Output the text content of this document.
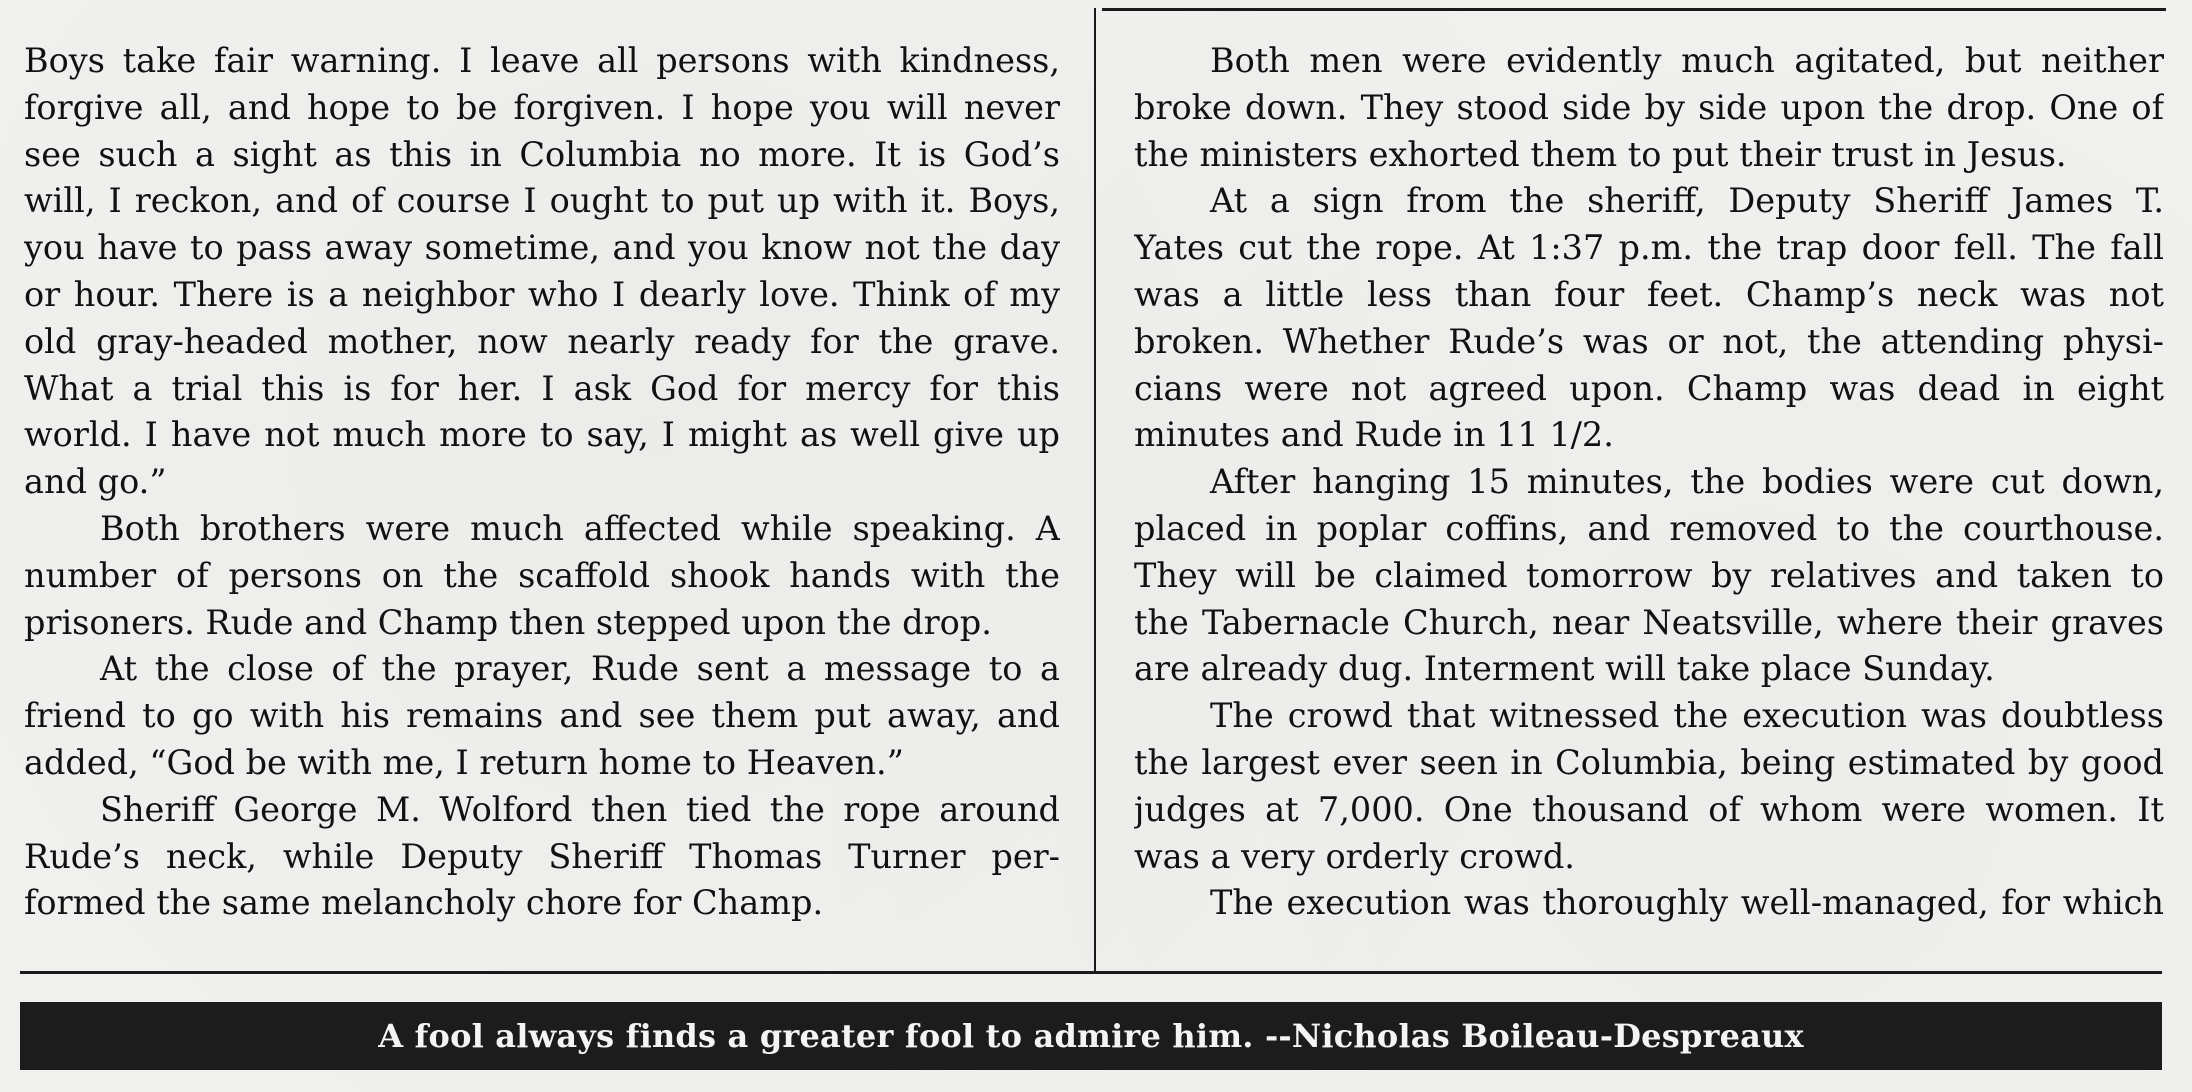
Boys take fair warning. I leave all persons with kindness,
forgive all, and hope to be forgiven. I hope you will never
see such a sight as this in Columbia no more. It is God’s
will, I reckon, and of course I ought to put up with it. Boys,
you have to pass away sometime, and you know not the day
or hour. There is a neighbor who I dearly love. Think of my
old gray-headed mother, now nearly ready for the grave.
What a trial this is for her. I ask God for mercy for this
world. I have not much more to say, I might as well give up
and go.”
Both brothers were much affected while speaking. A
number of persons on the scaffold shook hands with the
prisoners. Rude and Champ then stepped upon the drop.
At the close of the prayer, Rude sent a message to a
friend to go with his remains and see them put away, and
added, “God be with me, I return home to Heaven.”
Sheriff George M. Wolford then tied the rope around
Rude’s neck, while Deputy Sheriff Thomas Turner per-
formed the same melancholy chore for Champ.
Both men were evidently much agitated, but neither
broke down. They stood side by side upon the drop. One of
the ministers exhorted them to put their trust in Jesus.
At a sign from the sheriff, Deputy Sheriff James T.
Yates cut the rope. At 1:37 p.m. the trap door fell. The fall
was a little less than four feet. Champ’s neck was not
broken. Whether Rude’s was or not, the attending physi-
cians were not agreed upon. Champ was dead in eight
minutes and Rude in 11 1/2.
After hanging 15 minutes, the bodies were cut down,
placed in poplar coffins, and removed to the courthouse.
They will be claimed tomorrow by relatives and taken to
the Tabernacle Church, near Neatsville, where their graves
are already dug. Interment will take place Sunday.
The crowd that witnessed the execution was doubtless
the largest ever seen in Columbia, being estimated by good
judges at 7,000. One thousand of whom were women. It
was a very orderly crowd.
The execution was thoroughly well-managed, for which
A fool always finds a greater fool to admire him. --Nicholas Boileau-Despreaux
